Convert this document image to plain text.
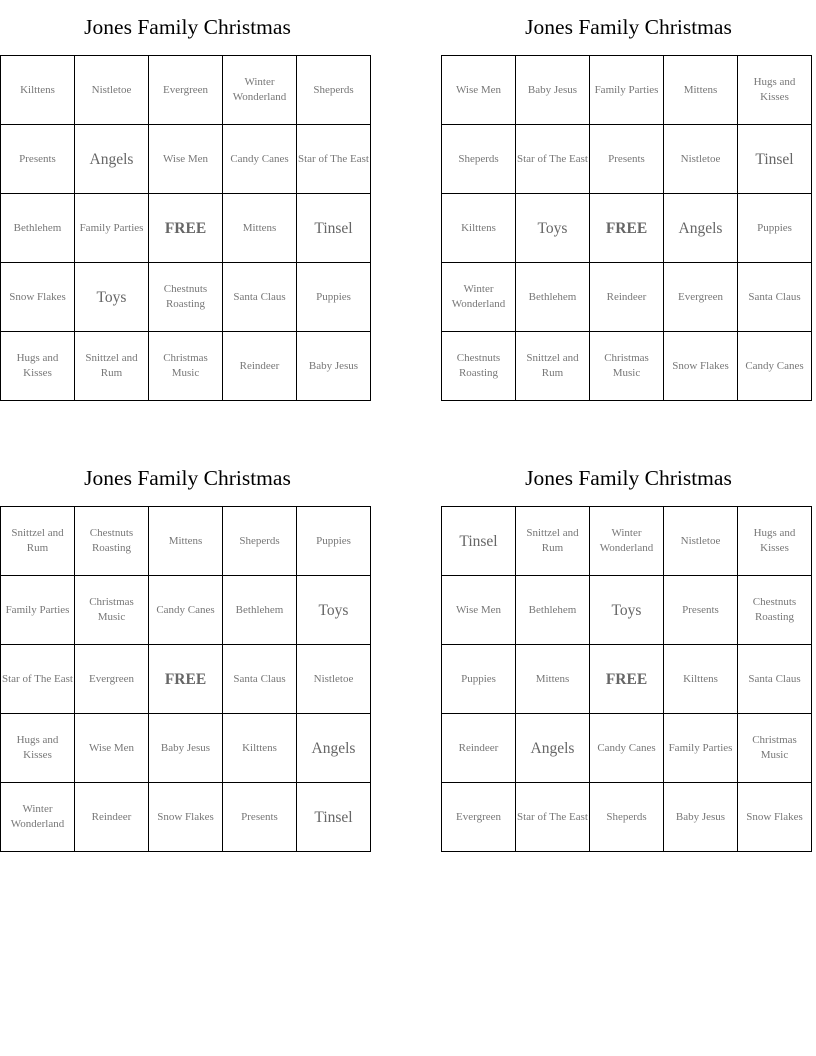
Jones Family Christmas
Kilttens	Nistletoe	Evergreen	Winter Wonderland	Sheperds
Presents	Angels	Wise Men	Candy Canes	Star of The East
Bethlehem	Family Parties	FREE	Mittens	Tinsel
Snow Flakes	Toys	Chestnuts Roasting	Santa Claus	Puppies
Hugs and Kisses	Snittzel and Rum	Christmas Music	Reindeer	Baby Jesus
Jones Family Christmas
Wise Men	Baby Jesus	Family Parties	Mittens	Hugs and Kisses
Sheperds	Star of The East	Presents	Nistletoe	Tinsel
Kilttens	Toys	FREE	Angels	Puppies
Winter Wonderland	Bethlehem	Reindeer	Evergreen	Santa Claus
Chestnuts Roasting	Snittzel and Rum	Christmas Music	Snow Flakes	Candy Canes
Jones Family Christmas
Snittzel and Rum	Chestnuts Roasting	Mittens	Sheperds	Puppies
Family Parties	Christmas Music	Candy Canes	Bethlehem	Toys
Star of The East	Evergreen	FREE	Santa Claus	Nistletoe
Hugs and Kisses	Wise Men	Baby Jesus	Kilttens	Angels
Winter Wonderland	Reindeer	Snow Flakes	Presents	Tinsel
Jones Family Christmas
Tinsel	Snittzel and Rum	Winter Wonderland	Nistletoe	Hugs and Kisses
Wise Men	Bethlehem	Toys	Presents	Chestnuts Roasting
Puppies	Mittens	FREE	Kilttens	Santa Claus
Reindeer	Angels	Candy Canes	Family Parties	Christmas Music
Evergreen	Star of The East	Sheperds	Baby Jesus	Snow Flakes
